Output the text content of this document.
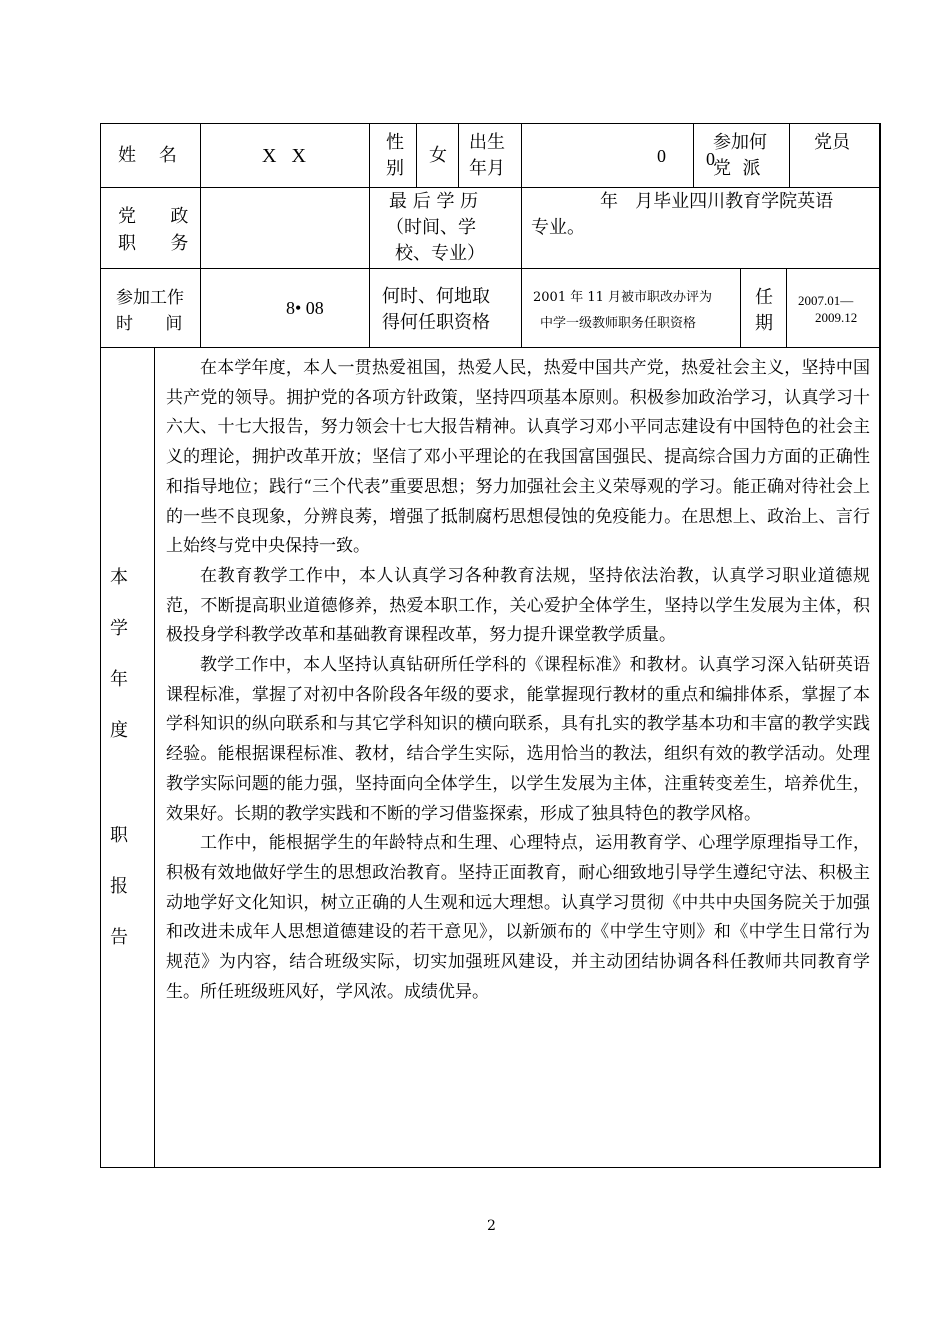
姓    名	X   X
性
别
女
出生
年月
0
参加何
0
党  派
党员
党      政
职      务
最 后 学 历
（时间、学
校、专业）
年   月毕业四川教育学院英语
专业。
参加工作
时      间
8• 08
何时、何地取
得何任职资格
2001 年 11 月被市职改办评为
中学一级教师职务任职资格
任
期
2007.01—
2009.12
本
学
年
度
职
报
告

在本学年度，本人一贯热爱祖国，热爱人民，热爱中国共产党，热爱社会主义，坚持中国共产党的领导。拥护党的各项方针政策，坚持四项基本原则。积极参加政治学习，认真学习十六大、十七大报告，努力领会十七大报告精神。认真学习邓小平同志建设有中国特色的社会主义的理论，拥护改革开放；坚信了邓小平理论的在我国富国强民、提高综合国力方面的正确性和指导地位；践行“三个代表”重要思想；努力加强社会主义荣辱观的学习。能正确对待社会上的一些不良现象，分辨良莠，增强了抵制腐朽思想侵蚀的免疫能力。在思想上、政治上、言行上始终与党中央保持一致。

在教育教学工作中，本人认真学习各种教育法规，坚持依法治教，认真学习职业道德规范，不断提高职业道德修养，热爱本职工作，关心爱护全体学生，坚持以学生发展为主体，积极投身学科教学改革和基础教育课程改革，努力提升课堂教学质量。

教学工作中，本人坚持认真钻研所任学科的《课程标准》和教材。认真学习深入钻研英语课程标准，掌握了对初中各阶段各年级的要求，能掌握现行教材的重点和编排体系，掌握了本学科知识的纵向联系和与其它学科知识的横向联系，具有扎实的教学基本功和丰富的教学实践经验。能根据课程标准、教材，结合学生实际，选用恰当的教法，组织有效的教学活动。处理教学实际问题的能力强，坚持面向全体学生，以学生发展为主体，注重转变差生，培养优生，效果好。长期的教学实践和不断的学习借鉴探索，形成了独具特色的教学风格。

工作中，能根据学生的年龄特点和生理、心理特点，运用教育学、心理学原理指导工作，积极有效地做好学生的思想政治教育。坚持正面教育，耐心细致地引导学生遵纪守法、积极主动地学好文化知识，树立正确的人生观和远大理想。认真学习贯彻《中共中央国务院关于加强和改进未成年人思想道德建设的若干意见》，以新颁布的《中学生守则》和《中学生日常行为规范》为内容，结合班级实际，切实加强班风建设，并主动团结协调各科任教师共同教育学生。所任班级班风好，学风浓。成绩优异。

2
